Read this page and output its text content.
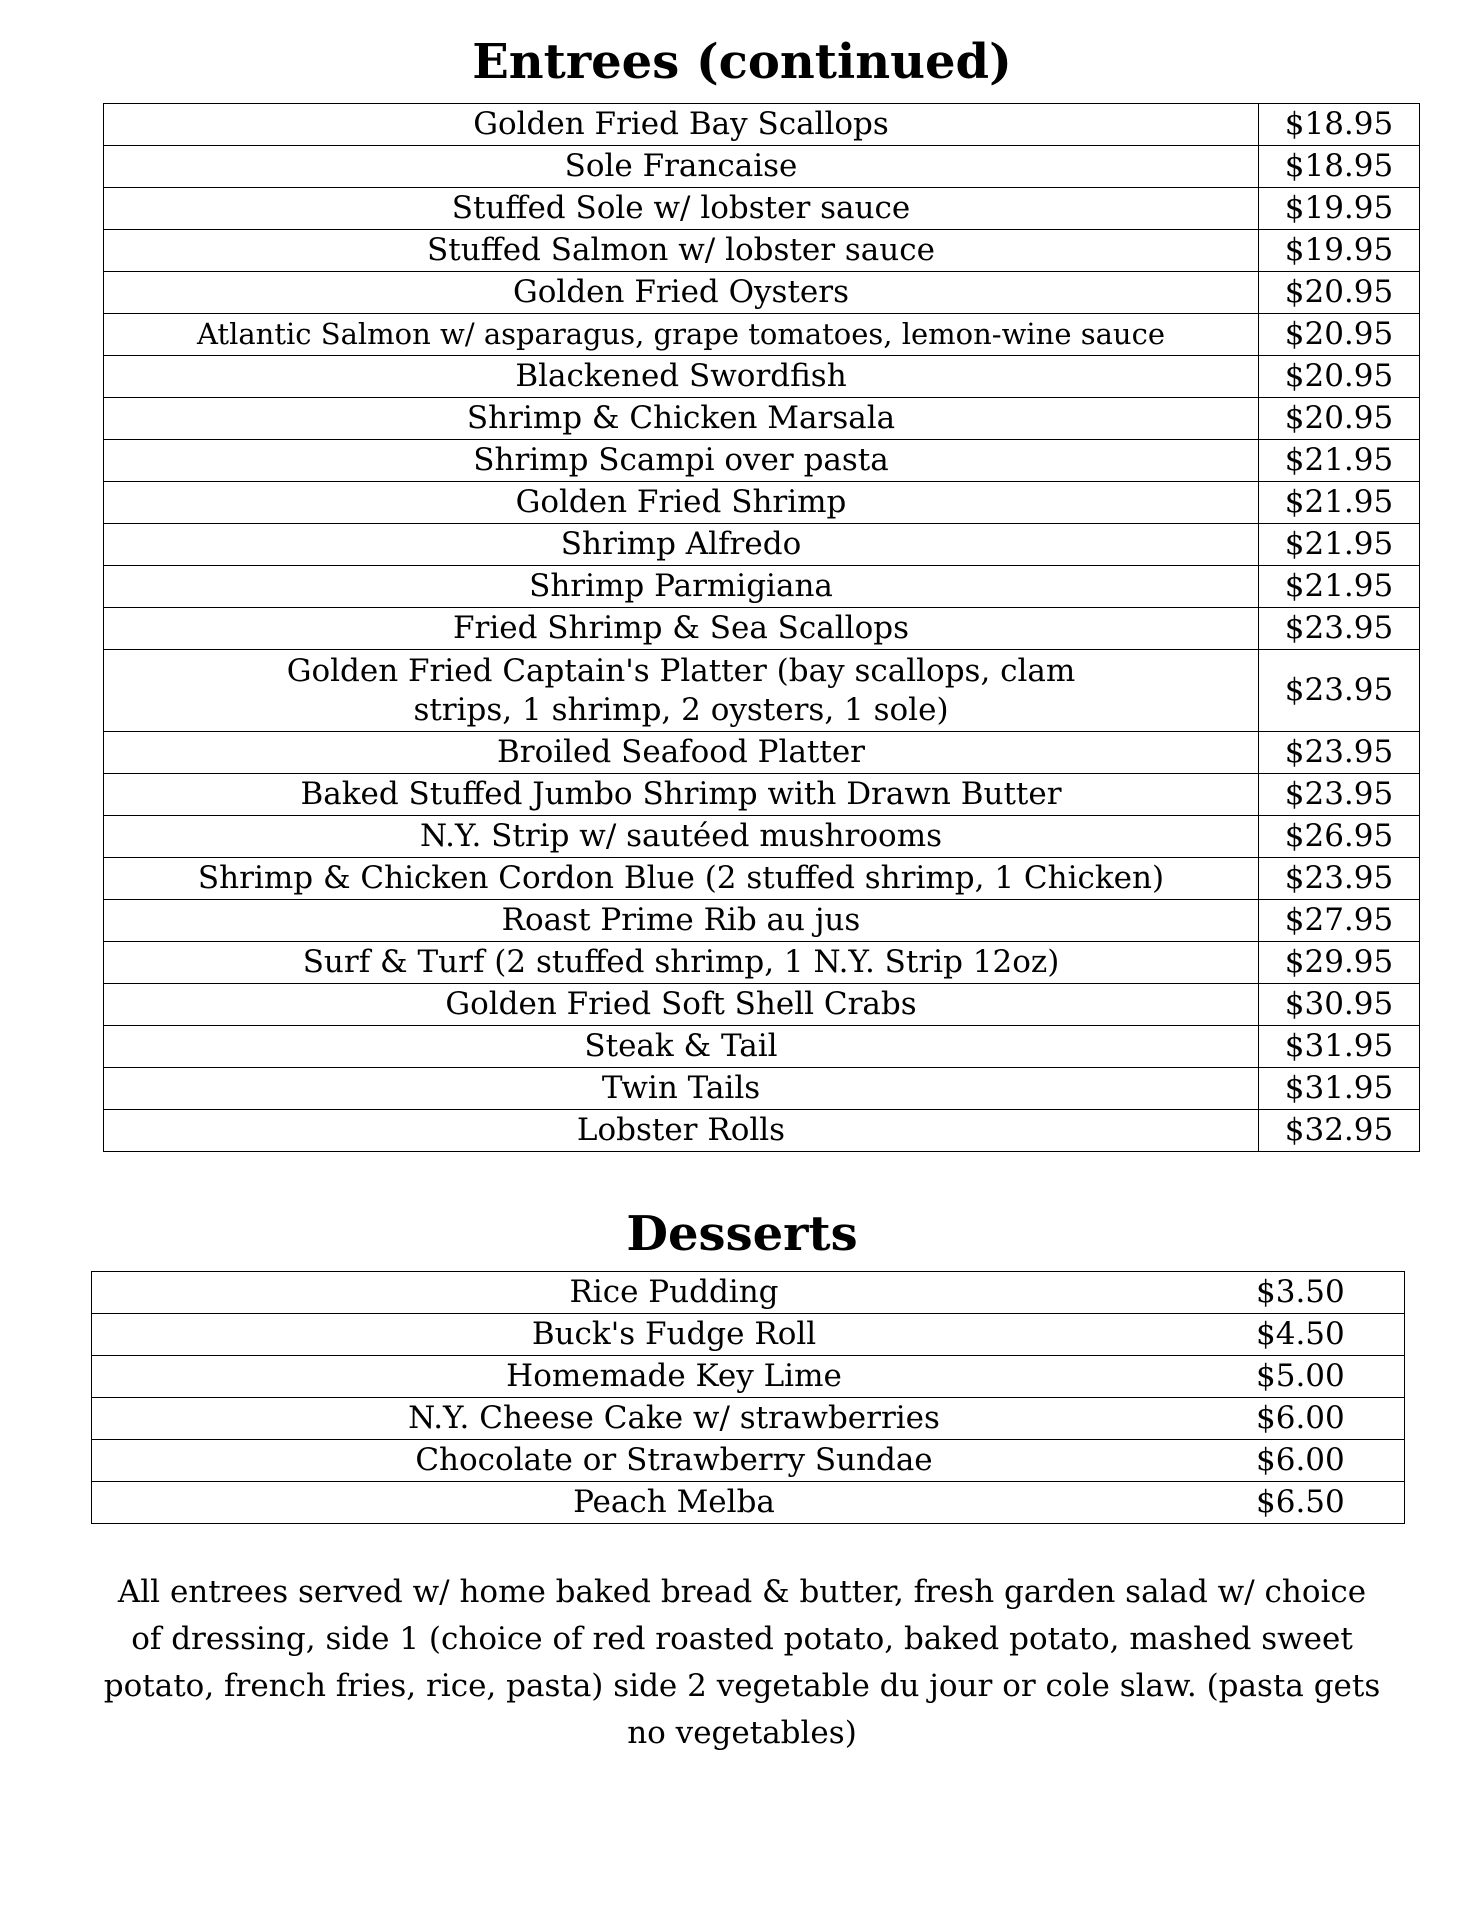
Entrees (continued)
Golden Fried Bay Scallops	$18.95
Sole Francaise	$18.95
Stuffed Sole w/ lobster sauce	$19.95
Stuffed Salmon w/ lobster sauce	$19.95
Golden Fried Oysters	$20.95
Atlantic Salmon w/ asparagus, grape tomatoes, lemon-wine sauce	$20.95
Blackened Swordfish	$20.95
Shrimp & Chicken Marsala	$20.95
Shrimp Scampi over pasta	$21.95
Golden Fried Shrimp	$21.95
Shrimp Alfredo	$21.95
Shrimp Parmigiana	$21.95
Fried Shrimp & Sea Scallops	$23.95
Golden Fried Captain's Platter (bay scallops, clam strips, 1 shrimp, 2 oysters, 1 sole)	$23.95
Broiled Seafood Platter	$23.95
Baked Stuffed Jumbo Shrimp with Drawn Butter	$23.95
N.Y. Strip w/ sautéed mushrooms	$26.95
Shrimp & Chicken Cordon Blue (2 stuffed shrimp, 1 Chicken)	$23.95
Roast Prime Rib au jus	$27.95
Surf & Turf (2 stuffed shrimp, 1 N.Y. Strip 12oz)	$29.95
Golden Fried Soft Shell Crabs	$30.95
Steak & Tail	$31.95
Twin Tails	$31.95
Lobster Rolls	$32.95
Desserts
Rice Pudding	$3.50
Buck's Fudge Roll	$4.50
Homemade Key Lime	$5.00
N.Y. Cheese Cake w/ strawberries	$6.00
Chocolate or Strawberry Sundae	$6.00
Peach Melba	$6.50

All entrees served w/ home baked bread & butter, fresh garden salad w/ choice of dressing, side 1 (choice of red roasted potato, baked potato, mashed sweet potato, french fries, rice, pasta) side 2 vegetable du jour or cole slaw. (pasta gets no vegetables)
